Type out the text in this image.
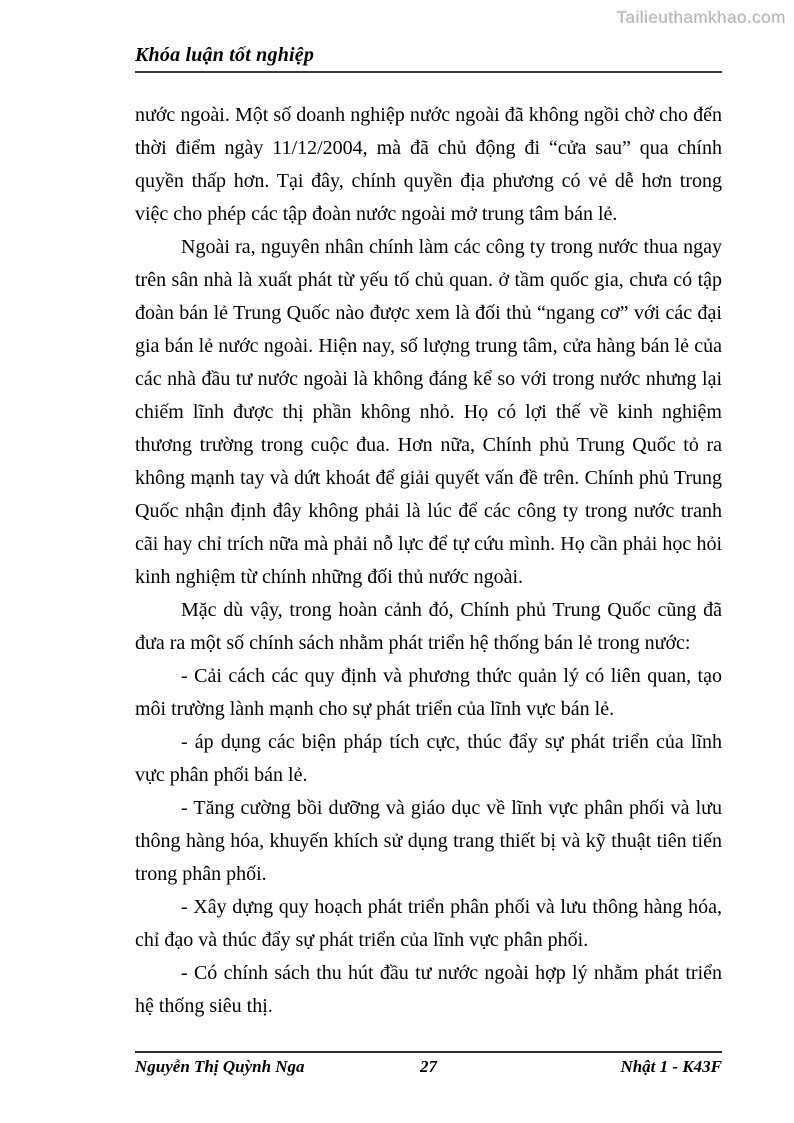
Tailieuthamkhao.com
Khóa luận tốt nghiệp

nước ngoài. Một số doanh nghiệp nước ngoài đã không ngồi chờ cho đến thời điểm ngày 11/12/2004, mà đã chủ động đi “cửa sau” qua chính quyền thấp hơn. Tại đây, chính quyền địa phương có vẻ dễ hơn trong việc cho phép các tập đoàn nước ngoài mở trung tâm bán lẻ.

Ngoài ra, nguyên nhân chính làm các công ty trong nước thua ngay trên sân nhà là xuất phát từ yếu tố chủ quan. ở tầm quốc gia, chưa có tập đoàn bán lẻ Trung Quốc nào được xem là đối thủ “ngang cơ” với các đại gia bán lẻ nước ngoài. Hiện nay, số lượng trung tâm, cửa hàng bán lẻ của các nhà đầu tư nước ngoài là không đáng kể so với trong nước nhưng lại chiếm lĩnh được thị phần không nhỏ. Họ có lợi thế về kinh nghiệm thương trường trong cuộc đua. Hơn nữa, Chính phủ Trung Quốc tỏ ra không mạnh tay và dứt khoát để giải quyết vấn đề trên. Chính phủ Trung Quốc nhận định đây không phải là lúc để các công ty trong nước tranh cãi hay chỉ trích nữa mà phải nỗ lực để tự cứu mình. Họ cần phải học hỏi kinh nghiệm từ chính những đối thủ nước ngoài.

Mặc dù vậy, trong hoàn cảnh đó, Chính phủ Trung Quốc cũng đã đưa ra một số chính sách nhằm phát triển hệ thống bán lẻ trong nước:

- Cải cách các quy định và phương thức quản lý có liên quan, tạo môi trường lành mạnh cho sự phát triển của lĩnh vực bán lẻ.

- áp dụng các biện pháp tích cực, thúc đẩy sự phát triển của lĩnh vực phân phối bán lẻ.

- Tăng cường bồi dưỡng và giáo dục về lĩnh vực phân phối và lưu thông hàng hóa, khuyến khích sử dụng trang thiết bị và kỹ thuật tiên tiến trong phân phối.

- Xây dựng quy hoạch phát triển phân phối và lưu thông hàng hóa, chỉ đạo và thúc đẩy sự phát triển của lĩnh vực phân phối.

- Có chính sách thu hút đầu tư nước ngoài hợp lý nhằm phát triển hệ thống siêu thị.

Nguyễn Thị Quỳnh Nga	27	Nhật 1 - K43F
